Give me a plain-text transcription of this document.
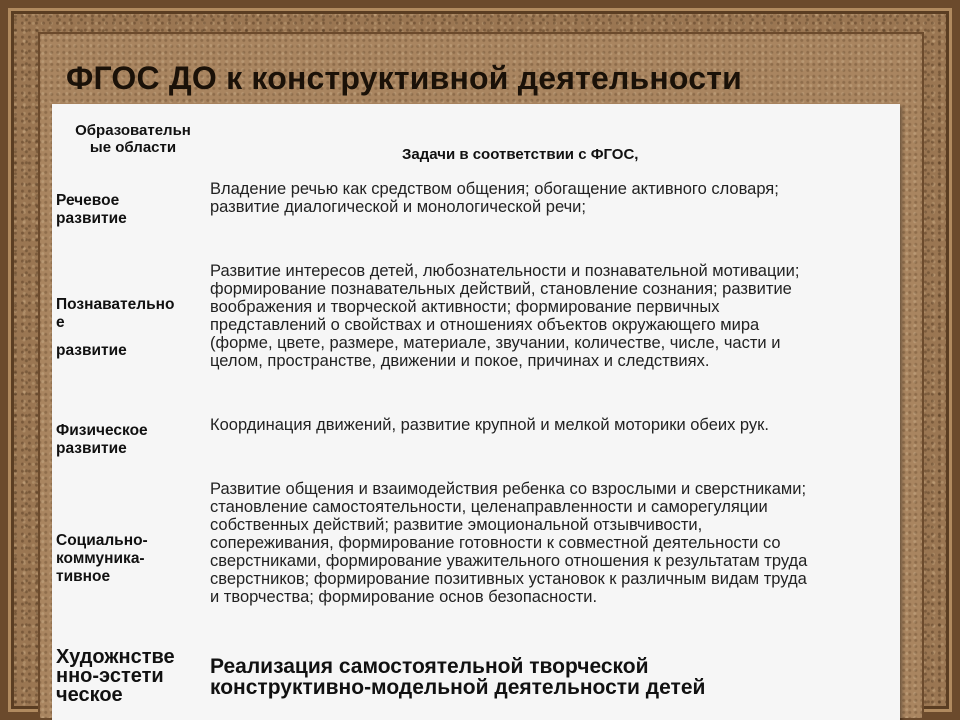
ФГОС ДО к конструктивной деятельности
Образовательн
ые области	Задачи в соответствии с ФГОС,
Речевое
развитие
Владение речью как средством общения; обогащение активного словаря;
развитие диалогической и монологической речи;
Познавательно
е
развитие
Развитие интересов детей, любознательности и познавательной мотивации;
формирование познавательных действий, становление сознания; развитие
воображения и творческой активности; формирование первичных
представлений о свойствах и отношениях объектов окружающего мира
(форме, цвете, размере, материале, звучании, количестве, числе, части и
целом, пространстве, движении и покое, причинах и следствиях.
Физическое
развитие
Координация движений, развитие крупной и мелкой моторики обеих рук.
Социально-
коммуника-
тивное
Развитие общения и взаимодействия ребенка со взрослыми и сверстниками;
становление самостоятельности, целенаправленности и саморегуляции
собственных действий; развитие эмоциональной отзывчивости,
сопереживания, формирование готовности к совместной деятельности со
сверстниками, формирование уважительного отношения к результатам труда
сверстников; формирование позитивных установок к различным видам труда
и творчества; формирование основ безопасности.
Художнстве
нно-эстети
ческое
Реализация самостоятельной творческой
конструктивно-модельной деятельности детей
